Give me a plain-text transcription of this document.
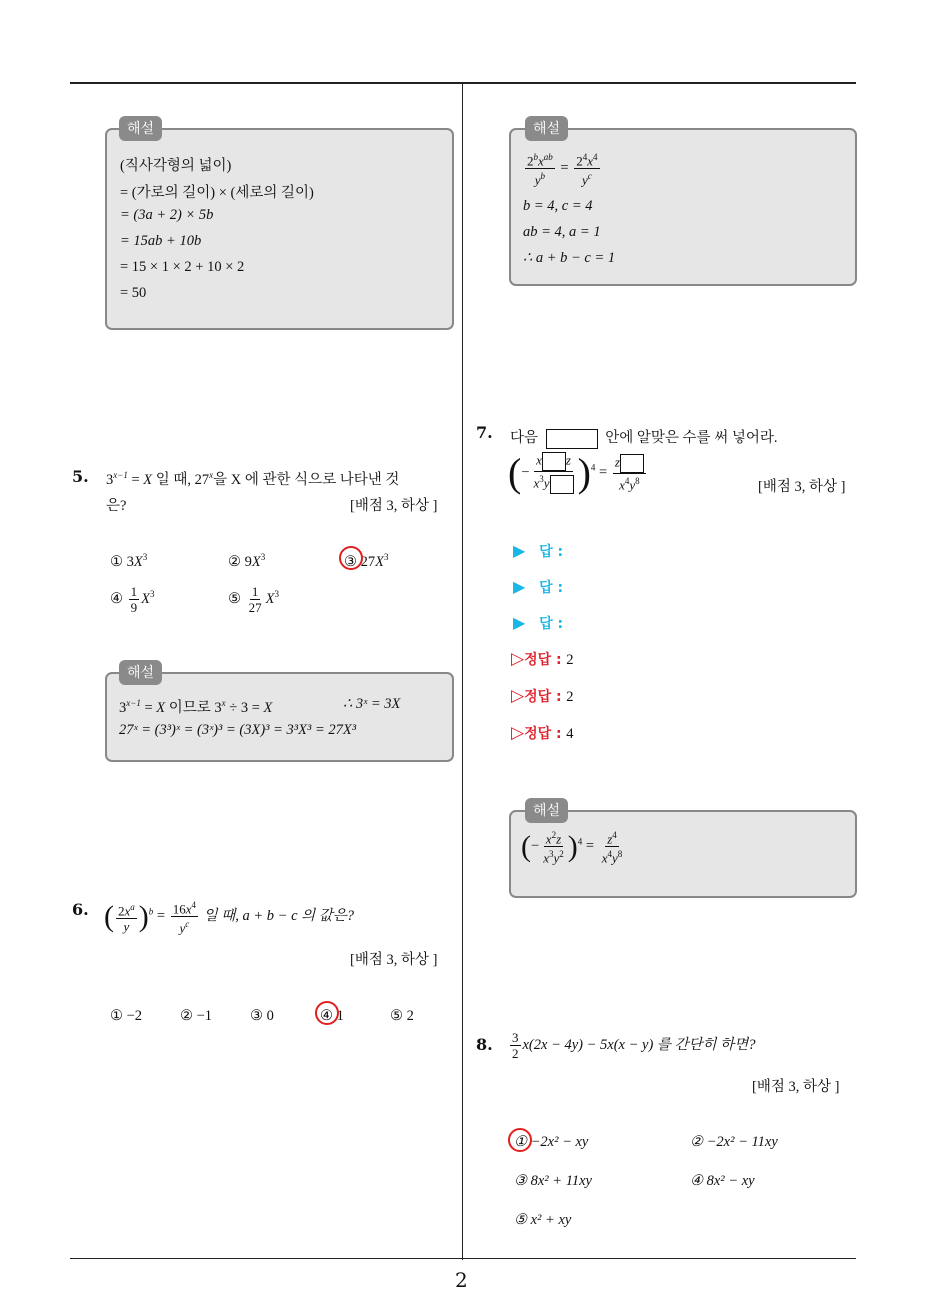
2
해설
(직사각형의 넓이)
= (가로의 길이) × (세로의 길이)
= (3a + 2) × 5b
= 15ab + 10b
= 15 × 1 × 2 + 10 × 2
= 50
5. $3^{x-1} = X$ 일 때, 27$^x$을 X 에 관한 식으로 나타낸 것
은?	[배점 3, 하상 ]
① $3X^3$	② $9X^3$	③ $27X^3$
④ $\frac{1}{9} X^3$	⑤ $\frac{1}{27} X^3$
해설
$3^{x-1} = X$ 이므로 $3^x \div 3 = X$	∴ 3ˣ = 3X
27ˣ = (3³)ˣ = (3ˣ)³ = (3X)³ = 3³X³ = 27X³
6. ( $\frac{2x^a}{y} )^b = \frac{16x^4}{y^c}$ 일 때, a + b − c 의 값은?
[배점 3, 하상 ]
① −2	② −1	③ 0	④ 1	⑤ 2
해설
$\frac{2^bx^{ab}}{y^b} = \frac{2^4x^4}{y^c}$
b = 4, c = 4
ab = 4, a = 1
∴ a + b − c = 1
7. 다음	안에 알맞은 수를 써 넣어라.
(− $\frac{\text{x z}}{x^3y} )^4 = \frac{z}{x^4y^8}$	[배점 3, 하상 ]
▶ 답 :
▶ 답 :
▶ 답 :
▷정답 : 2
▷정답 : 2
▷정답 : 4
해설
(− $\frac{x^2z}{x^3y^2} )^4 = \frac{z^4}{x^4y^8}$
8. $\frac{3}{2} x(2x - 4y) - 5x(x - y)$ 를 간단히 하면?
[배점 3, 하상 ]
① −2x² − xy	② −2x² − 11xy
③ 8x² + 11xy	④ 8x² − xy
⑤ x² + xy
